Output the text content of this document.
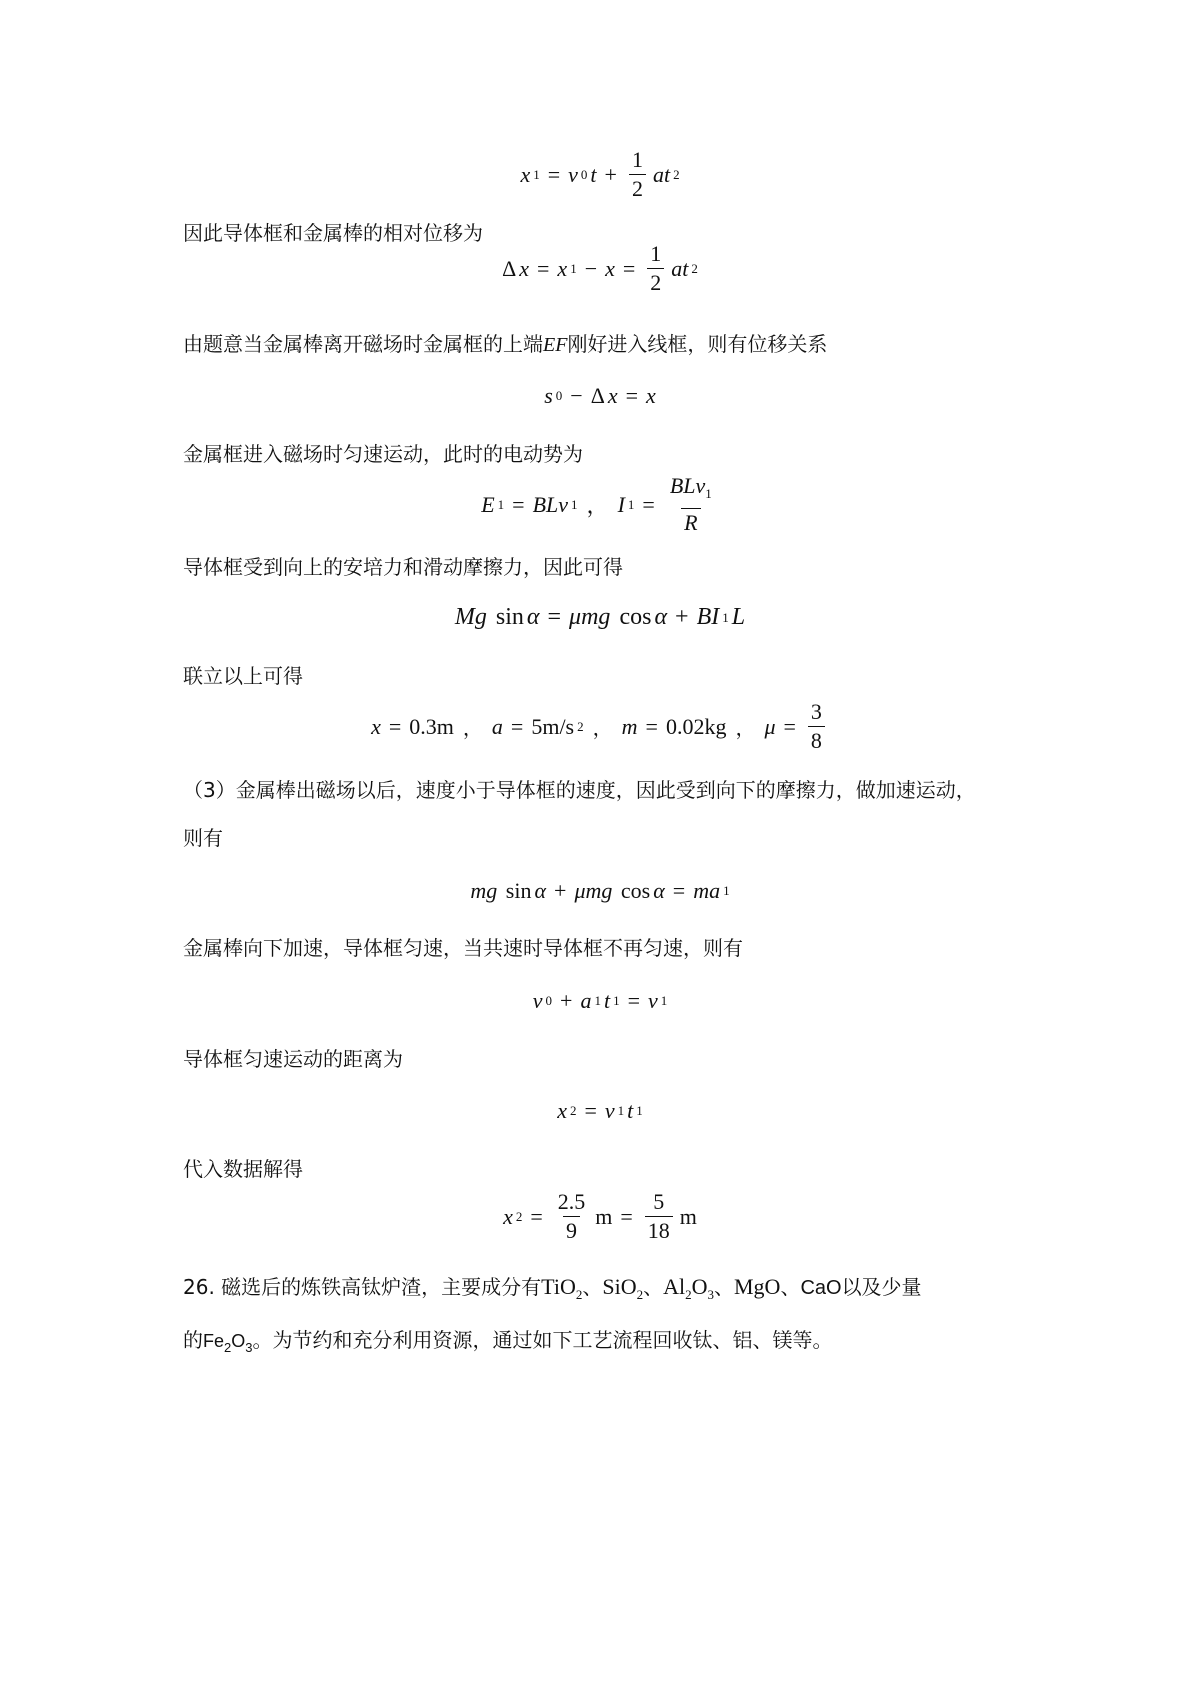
x 1 = v 0 $t + \frac{1}{2}$ at 2
因此导体框和金属棒的相对位移为
Δ x = x $1 - x = \frac{1}{2}$ at 2
由题意当金属棒离开磁场时金属框的上端EF刚好进入线框，则有位移关系
s 0 − Δ x = x
金属框进入磁场时匀速运动，此时的电动势为
E 1 = BLv 1 ， I $1 = \frac{BLv_1}{R}$
导体框受到向上的安培力和滑动摩擦力，因此可得
Mg sin α = μmg cos α + BI 1 L
联立以上可得
x = 0.3m ， a = 5m/s 2 ， m = 0.02kg ， $\mu = \frac{3}{8}$
（3）金属棒出磁场以后，速度小于导体框的速度，因此受到向下的摩擦力，做加速运动，
则有
mg sin α + μmg cos α = ma 1
金属棒向下加速，导体框匀速，当共速时导体框不再匀速，则有
v 0 + a 1 t 1 = v 1
导体框匀速运动的距离为
x 2 = v 1 t 1
代入数据解得
x $2 = \frac{2.5}{9}$ $m = \frac{5}{18}$ m
26. 磁选后的炼铁高钛炉渣，主要成分有TiO$_2$、SiO$_2$、$Al_2O_3$、MgO、CaO以及少量
的$Fe_2O_3$。为节约和充分利用资源，通过如下工艺流程回收钛、铝、镁等。
